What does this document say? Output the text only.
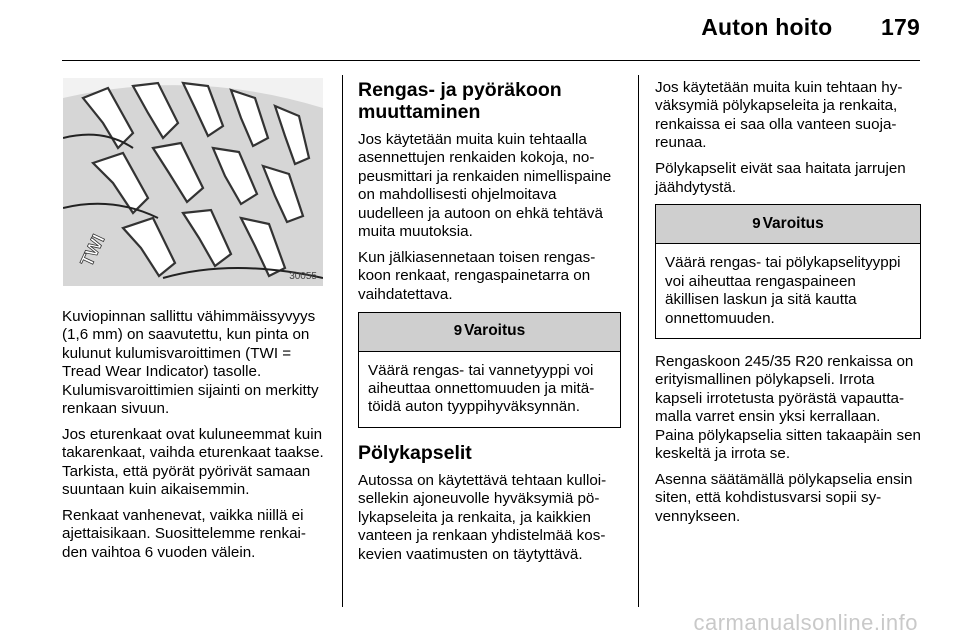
Auton hoito 179
TWI
30055

Kuviopinnan sallittu vähimmäissyvyys (1,6 mm) on saavutettu, kun pinta on kulunut kulumisvaroittimen (TWI = Tread Wear Indicator) tasolle. Kulumisvaroittimien sijainti on merkitty renkaan sivuun.

Jos eturenkaat ovat kuluneemmat kuin takarenkaat, vaihda eturenkaat taakse. Tarkista, että pyörät pyörivät samaan suuntaan kuin aikaisemmin.

Renkaat vanhenevat, vaikka niillä ei ajettaisikaan. Suosittelemme renkaiden vaihtoa 6 vuoden välein.

Rengas- ja pyöräkoon muuttaminen

Jos käytetään muita kuin tehtaalla asennettujen renkaiden kokoja, nopeusmittari ja renkaiden nimellispaine on mahdollisesti ohjelmoitava uudelleen ja autoon on ehkä tehtävä muita muutoksia.

Kun jälkiasennetaan toisen rengaskoon renkaat, rengaspainetarra on vaihdatettava.

9 Varoitus
Väärä rengas- tai vannetyyppi voi aiheuttaa onnettomuuden ja mitätöidä auton tyyppihyväksynnän.
Pölykapselit

Autossa on käytettävä tehtaan kulloisellekin ajoneuvolle hyväksymiä pölykapseleita ja renkaita, ja kaikkien vanteen ja renkaan yhdistelmää koskevien vaatimusten on täytyttävä.

Jos käytetään muita kuin tehtaan hyväksymiä pölykapseleita ja renkaita, renkaissa ei saa olla vanteen suojareunaa.

Pölykapselit eivät saa haitata jarrujen jäähdytystä.

9 Varoitus
Väärä rengas- tai pölykapselityyppi voi aiheuttaa rengaspaineen äkillisen laskun ja sitä kautta onnettomuuden.

Rengaskoon 245/35 R20 renkaissa on erityismallinen pölykapseli. Irrota kapseli irrotetusta pyörästä vapauttamalla varret ensin yksi kerrallaan. Paina pölykapselia sitten takaapäin sen keskeltä ja irrota se.

Asenna säätämällä pölykapselia ensin siten, että kohdistusvarsi sopii syvennykseen.

carmanualsonline.info
